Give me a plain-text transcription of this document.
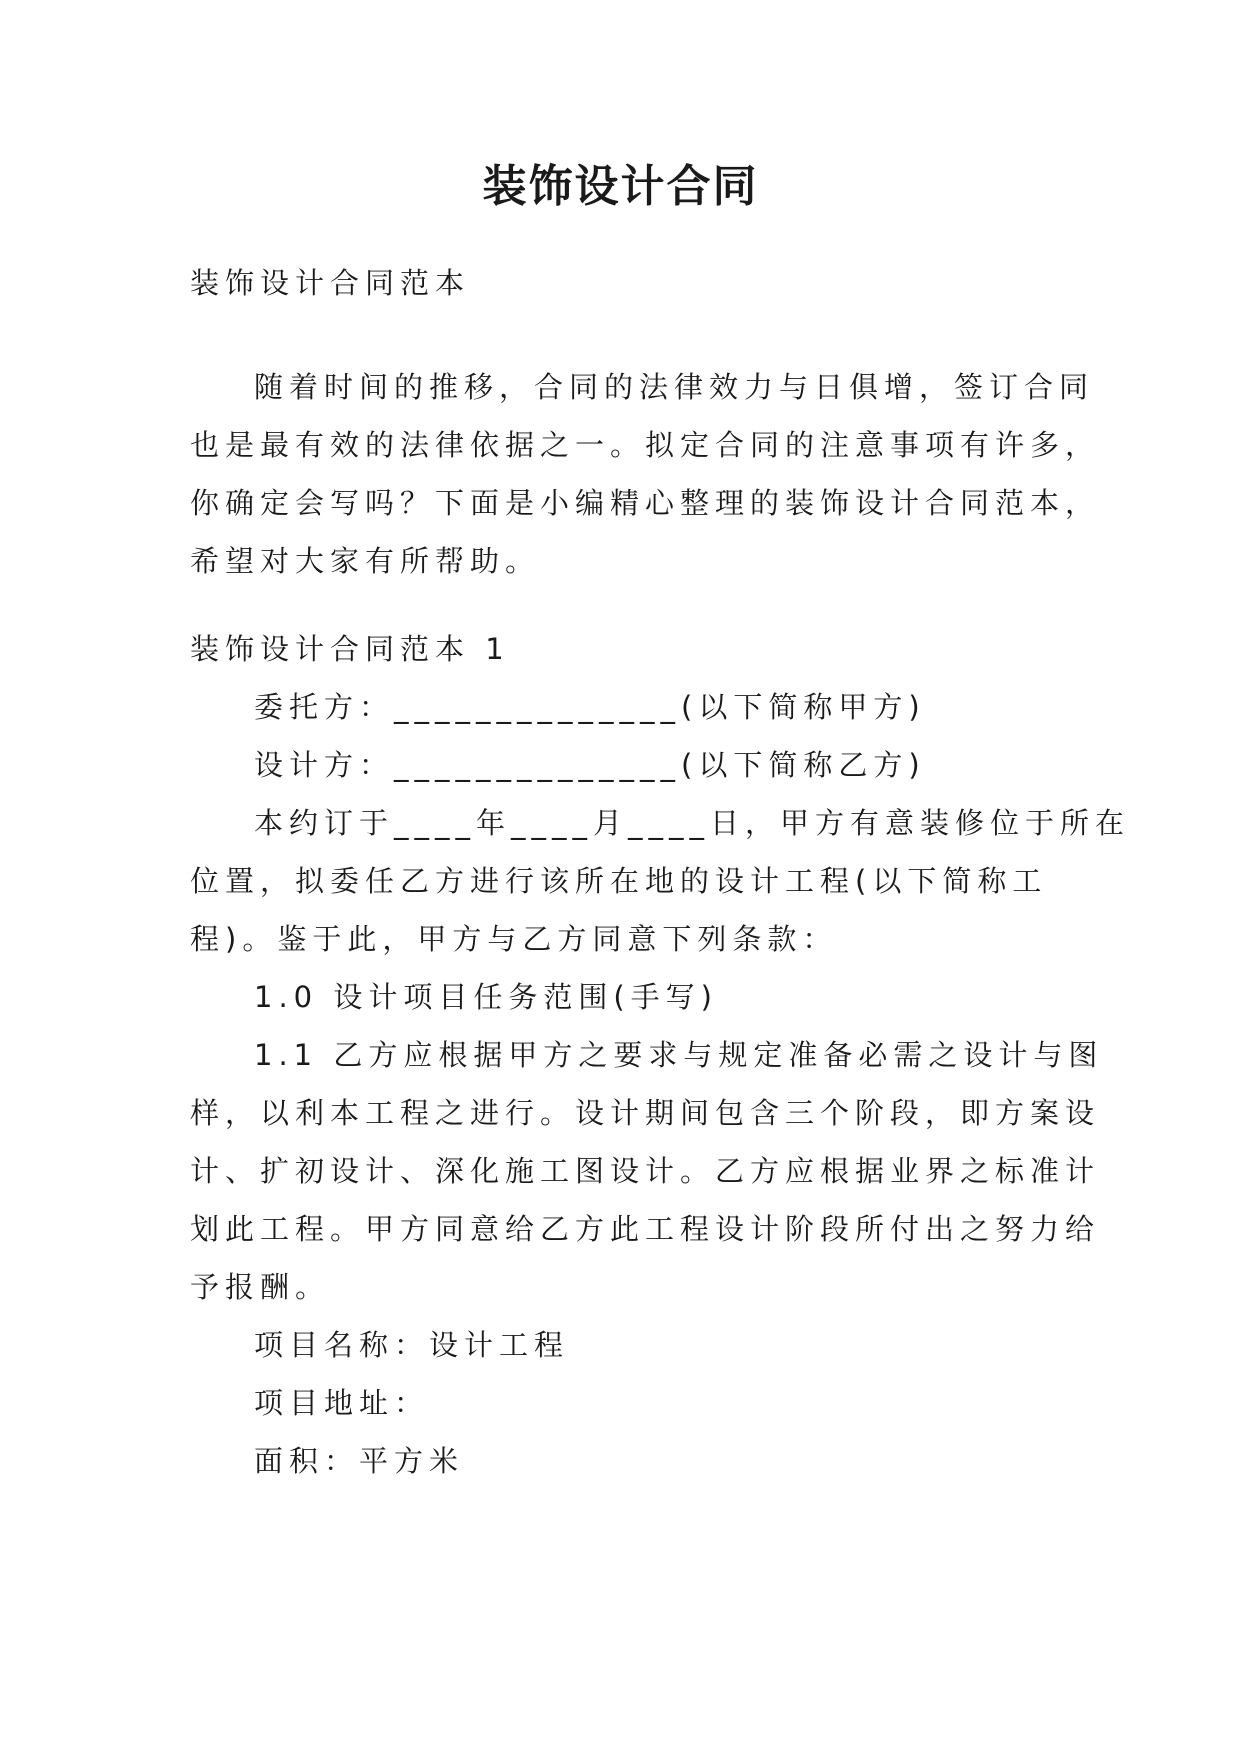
装饰设计合同
装饰设计合同范本
随着时间的推移，合同的法律效力与日俱增，签订合同
也是最有效的法律依据之一。拟定合同的注意事项有许多，
你确定会写吗？下面是小编精心整理的装饰设计合同范本，
希望对大家有所帮助。
装饰设计合同范本 1
委托方：______________(以下简称甲方)
设计方：______________(以下简称乙方)
本约订于____年____月____日，甲方有意装修位于所在
位置，拟委任乙方进行该所在地的设计工程(以下简称工
程)。鉴于此，甲方与乙方同意下列条款：
1.0 设计项目任务范围(手写)
1.1 乙方应根据甲方之要求与规定准备必需之设计与图
样，以利本工程之进行。设计期间包含三个阶段，即方案设
计、扩初设计、深化施工图设计。乙方应根据业界之标准计
划此工程。甲方同意给乙方此工程设计阶段所付出之努力给
予报酬。
项目名称：设计工程
项目地址：
面积：平方米
